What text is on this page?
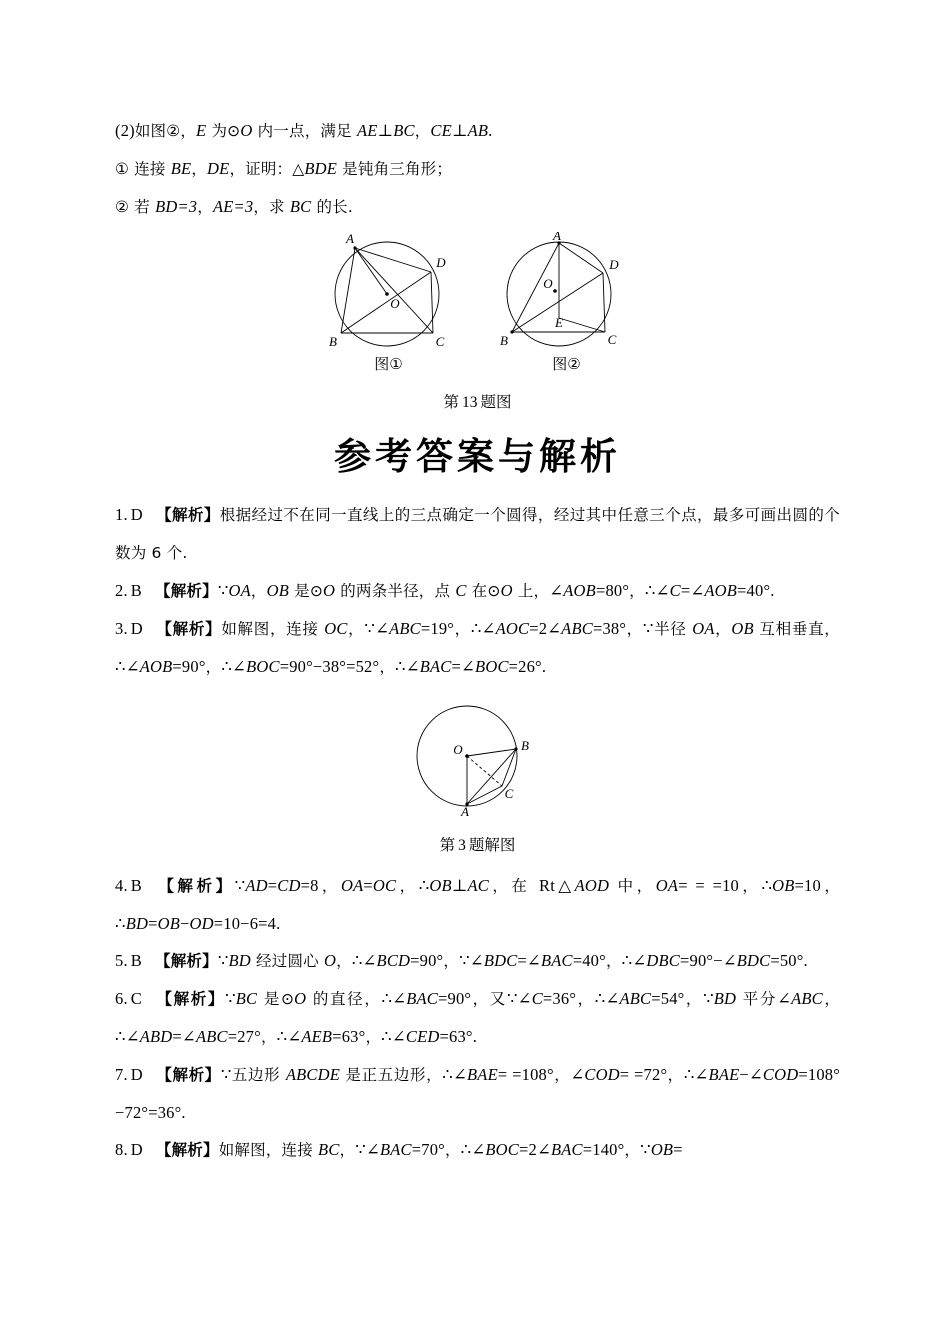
(2)如图②，E 为⊙O 内一点，满足 AE⊥BC，CE⊥AB.

① 连接 BE，DE，证明：△BDE 是钝角三角形；

② 若 BD=3，AE=3，求 BC 的长.

A
D
O
B	C
图①
A
D
O
E
B	C
图②
第 13 题图
参考答案与解析

1. D 【解析】根据经过不在同一直线上的三点确定一个圆得，经过其中任意三个点，最多可画出圆的个数为 6 个.

2. B 【解析】∵OA，OB 是⊙O 的两条半径，点 C 在⊙O 上，∠AOB=80°，∴∠C=∠AOB=40°.

3. D 【解析】如解图，连接 OC，∵∠ABC=19°，∴∠AOC=2∠ABC=38°，∵半径 OA，OB 互相垂直，∴∠AOB=90°，∴∠BOC=90°−38°=52°，∴∠BAC=∠BOC=26°.

O	B
C
A
第 3 题解图

4. B 【解析】∵AD=CD=8，OA=OC，∴OB⊥AC，在 Rt△AOD 中，OA= = =10，∴OB=10，∴BD=OB−OD=10−6=4.

5. B 【解析】∵BD 经过圆心 O，∴∠BCD=90°，∵∠BDC=∠BAC=40°，∴∠DBC=90°−∠BDC=50°.

6. C 【解析】∵BC 是⊙O 的直径，∴∠BAC=90°，又∵∠C=36°，∴∠ABC=54°，∵BD 平分∠ABC，∴∠ABD=∠ABC=27°，∴∠AEB=63°，∴∠CED=63°.

7. D 【解析】∵五边形 ABCDE 是正五边形，∴∠BAE= =108°，∠COD= =72°，∴∠BAE−∠COD=108°−72°=36°.

8. D 【解析】如解图，连接 BC，∵∠BAC=70°，∴∠BOC=2∠BAC=140°，∵OB=
